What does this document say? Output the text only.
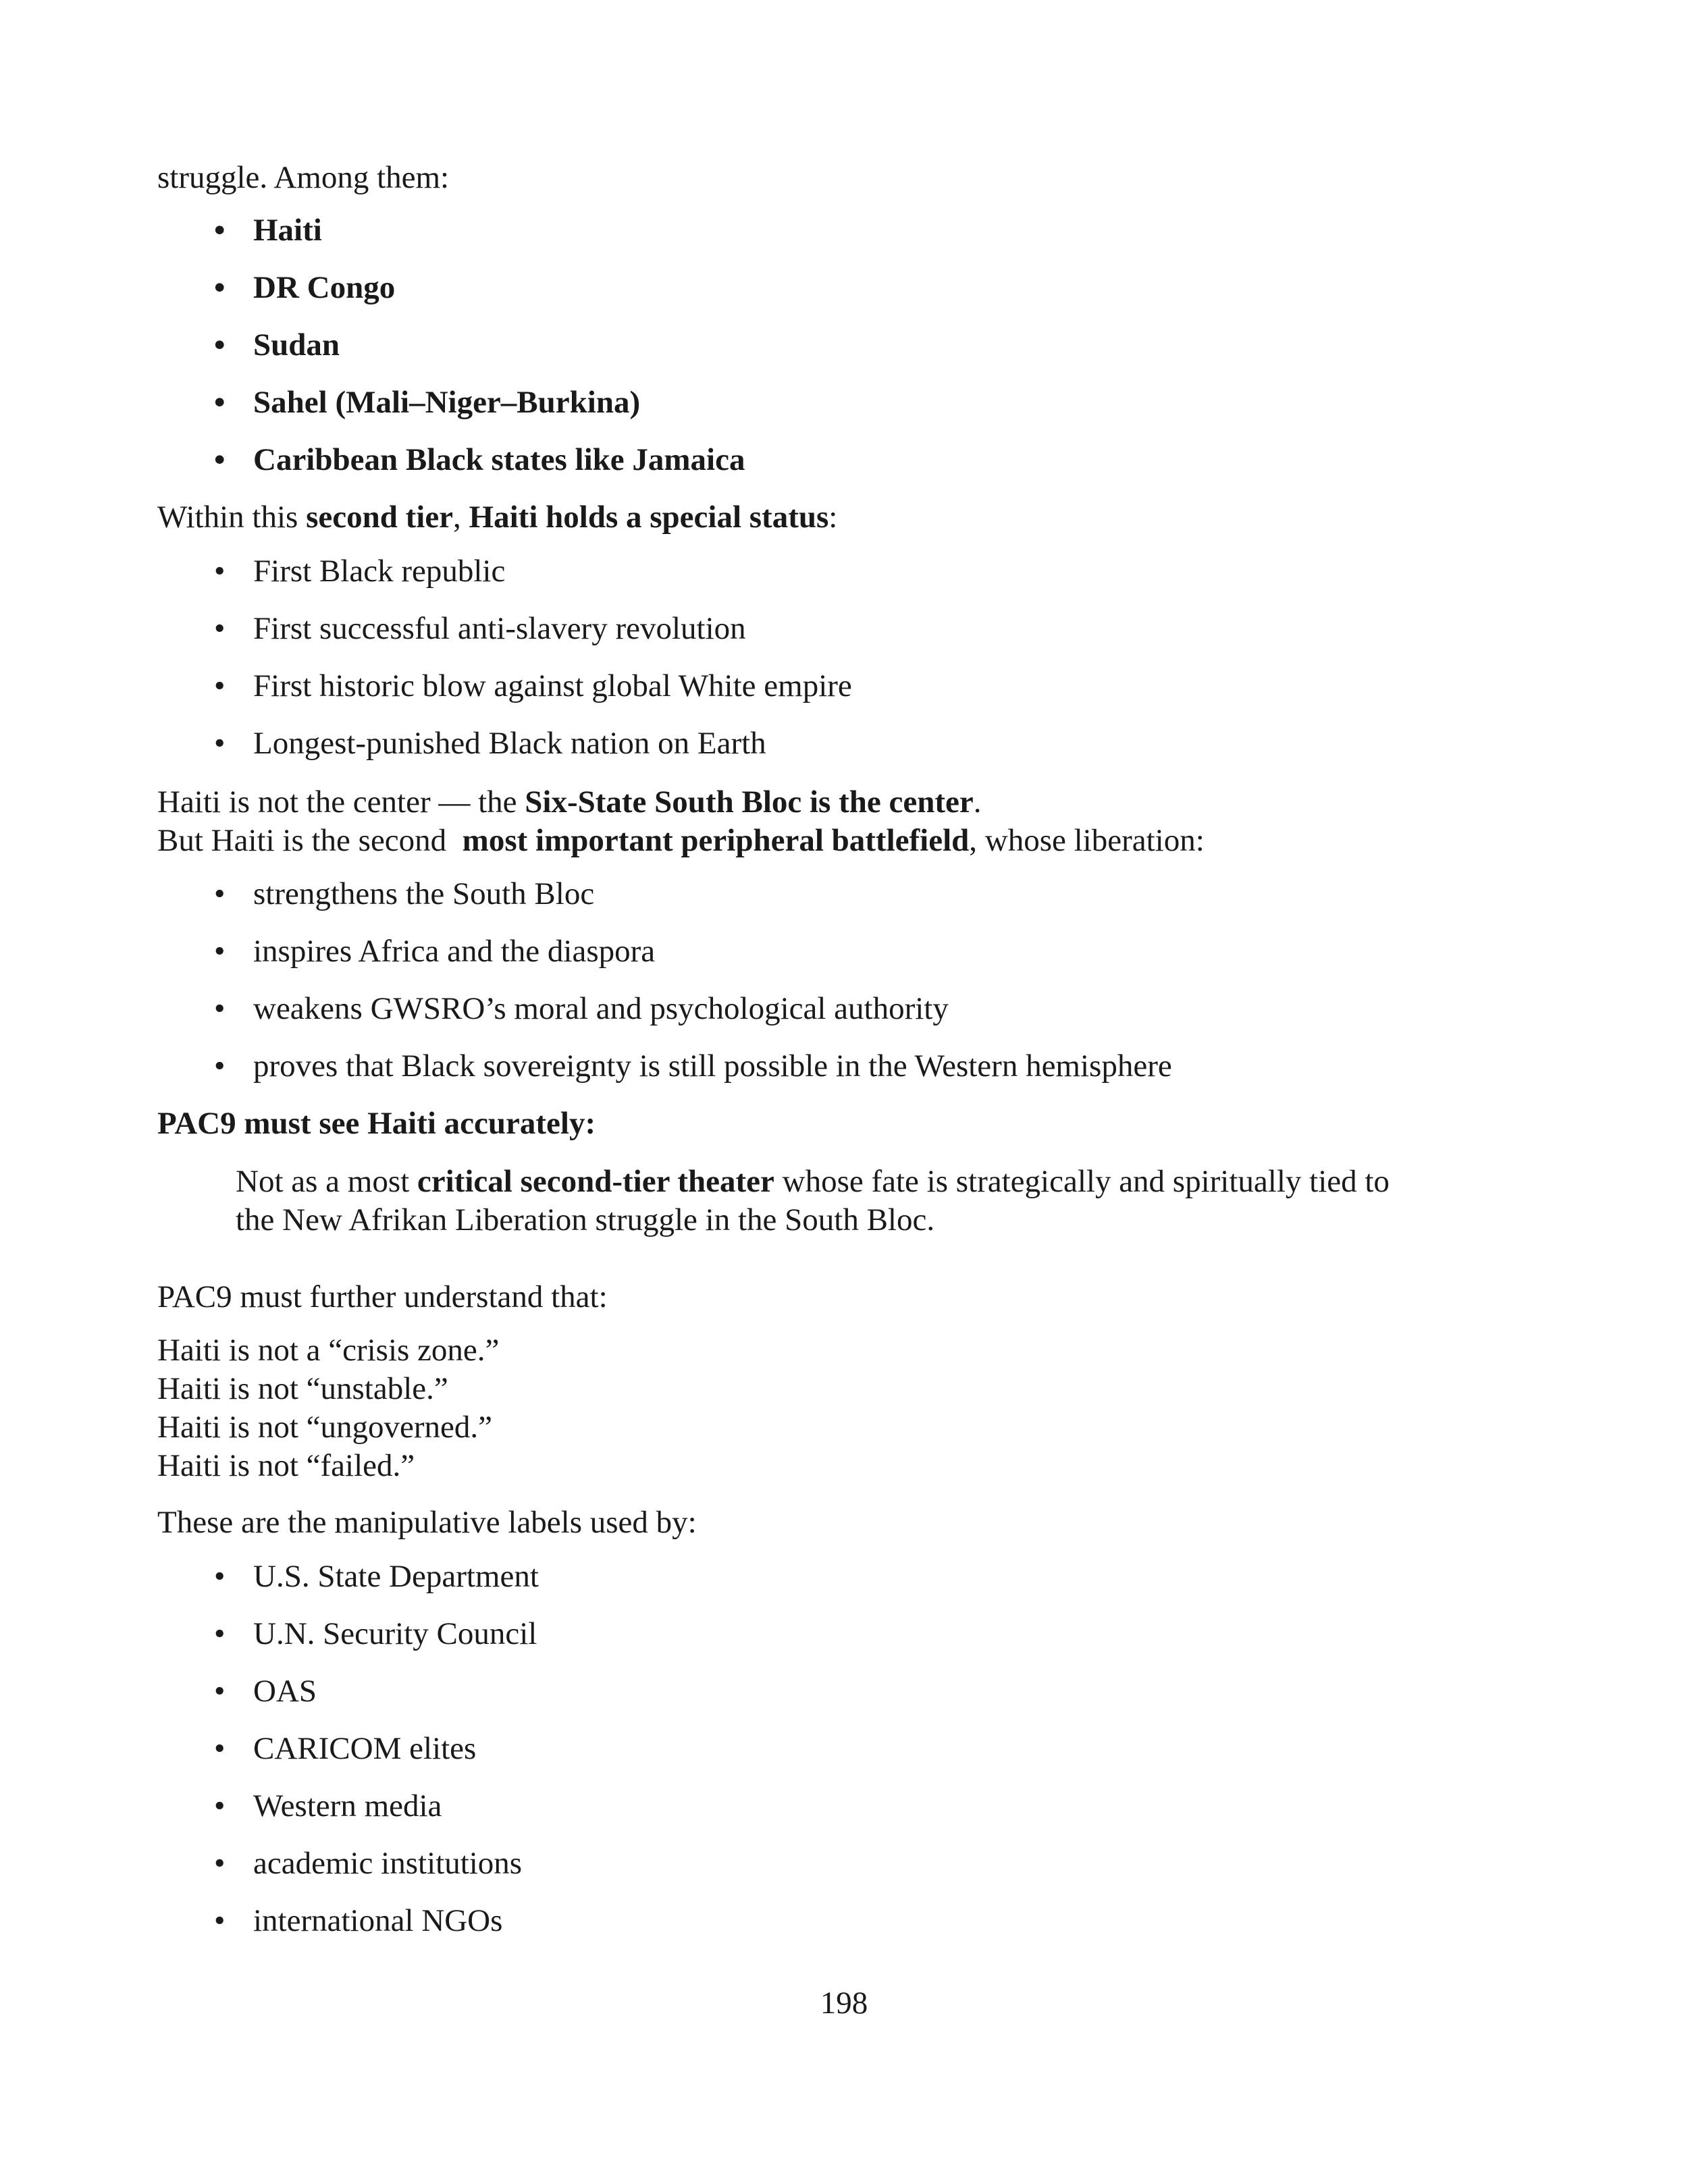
struggle. Among them:
• Haiti
• DR Congo
• Sudan
• Sahel (Mali–Niger–Burkina)
• Caribbean Black states like Jamaica
Within this second tier, Haiti holds a special status:
• First Black republic
• First successful anti-slavery revolution
• First historic blow against global White empire
• Longest-punished Black nation on Earth
Haiti is not the center — the Six-State South Bloc is the center.
But Haiti is the second  most important peripheral battlefield, whose liberation:
• strengthens the South Bloc
• inspires Africa and the diaspora
• weakens GWSRO’s moral and psychological authority
• proves that Black sovereignty is still possible in the Western hemisphere
PAC9 must see Haiti accurately:
Not as a most critical second-tier theater whose fate is strategically and spiritually tied to
the New Afrikan Liberation struggle in the South Bloc.
PAC9 must further understand that:
Haiti is not a “crisis zone.”
Haiti is not “unstable.”
Haiti is not “ungoverned.”
Haiti is not “failed.”
These are the manipulative labels used by:
• U.S. State Department
• U.N. Security Council
• OAS
• CARICOM elites
• Western media
• academic institutions
• international NGOs
198
